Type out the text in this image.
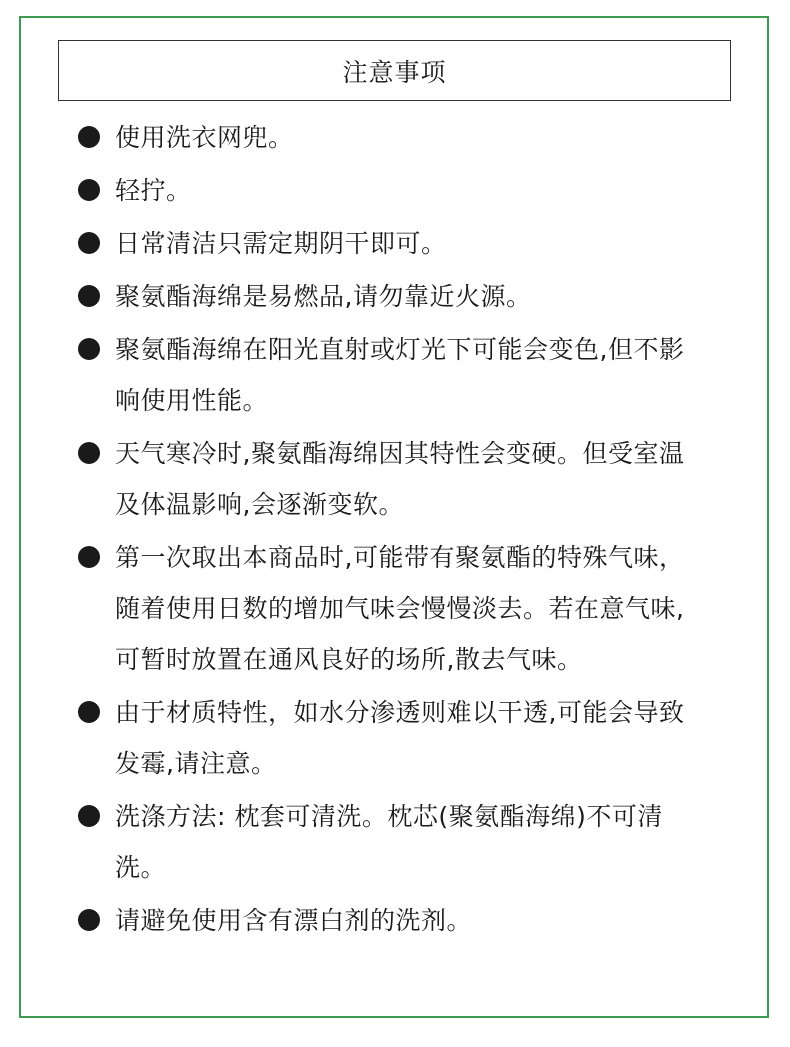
注意事项
使用洗衣网兜。
轻拧。
日常清洁只需定期阴干即可。
聚氨酯海绵是易燃品,请勿靠近火源。
聚氨酯海绵在阳光直射或灯光下可能会变色,但不影响使用性能。
天气寒冷时,聚氨酯海绵因其特性会变硬。但受室温及体温影响,会逐渐变软。
第一次取出本商品时,可能带有聚氨酯的特殊气味，随着使用日数的增加气味会慢慢淡去。若在意气味,可暂时放置在通风良好的场所,散去气味。
由于材质特性，如水分渗透则难以干透,可能会导致发霉,请注意。
洗涤方法: 枕套可清洗。枕芯(聚氨酯海绵)不可清洗。
请避免使用含有漂白剂的洗剂。
